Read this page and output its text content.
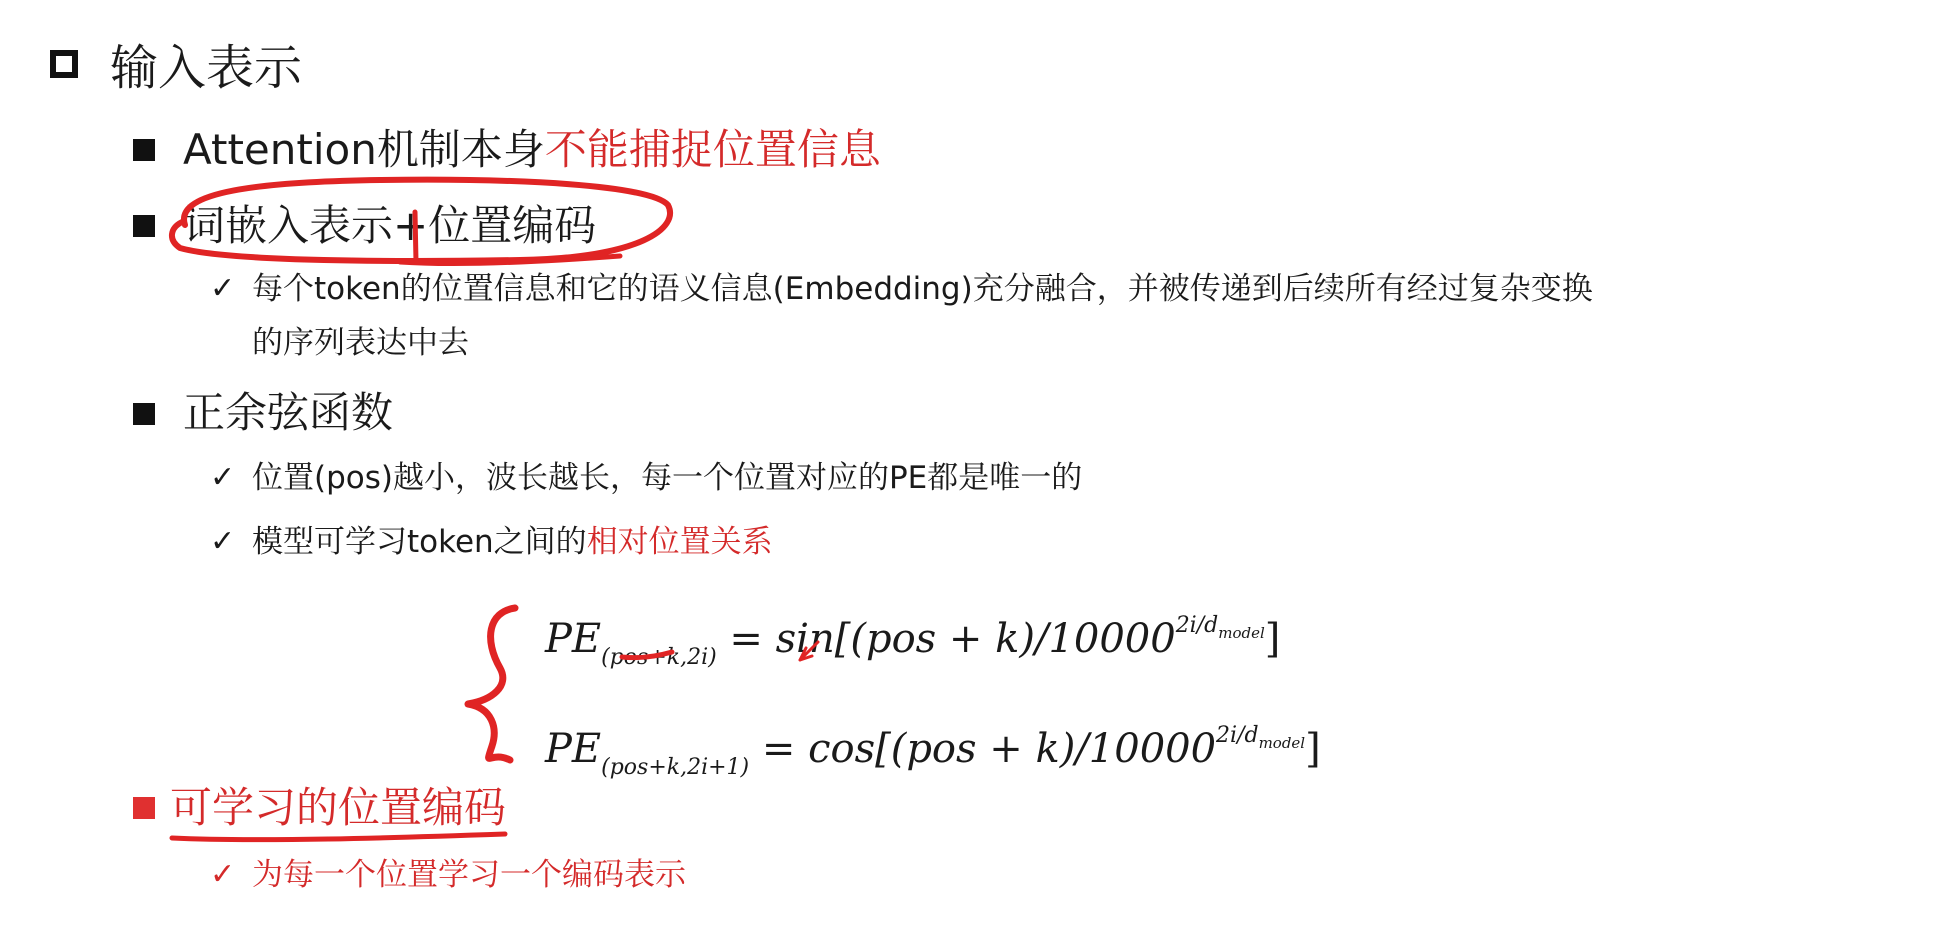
输入表示
Attention机制本身不能捕捉位置信息
词嵌入表示+位置编码
✓ 每个token的位置信息和它的语义信息(Embedding)充分融合，并被传递到后续所有经过复杂变换
的序列表达中去
正余弦函数
✓ 位置(pos)越小，波长越长，每一个位置对应的PE都是唯一的
✓ 模型可学习token之间的相对位置关系
$PE_{(pos+k,2i)} = \sin[(pos + k)/10000^{2i/d_{model}}]$
$PE_{(pos+k,2i+1)} = \cos[(pos + k)/10000^{2i/d_{model}}]$
可学习的位置编码
✓ 为每一个位置学习一个编码表示
